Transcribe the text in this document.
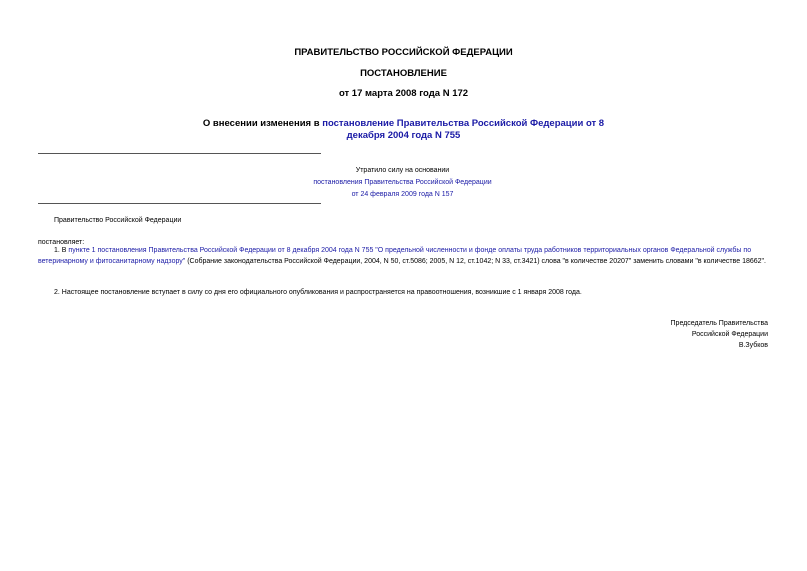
ПРАВИТЕЛЬСТВО РОССИЙСКОЙ ФЕДЕРАЦИИ
ПОСТАНОВЛЕНИЕ
от 17 марта 2008 года N 172
О внесении изменения в постановление Правительства Российской Федерации от 8 декабря 2004 года N 755
Утратило силу на основании
постановления Правительства Российской Федерации
от 24 февраля 2009 года N 157
Правительство Российской Федерации
постановляет:
1. В пункте 1 постановления Правительства Российской Федерации от 8 декабря 2004 года N 755 "О предельной численности и фонде оплаты труда работников территориальных органов Федеральной службы по ветеринарному и фитосанитарному надзору" (Собрание законодательства Российской Федерации, 2004, N 50, ст.5086; 2005, N 12, ст.1042; N 33, ст.3421) слова "в количестве 20207" заменить словами "в количестве 18662".
2. Настоящее постановление вступает в силу со дня его официального опубликования и распространяется на правоотношения, возникшие с 1 января 2008 года.
Председатель Правительства
Российской Федерации
В.Зубков
